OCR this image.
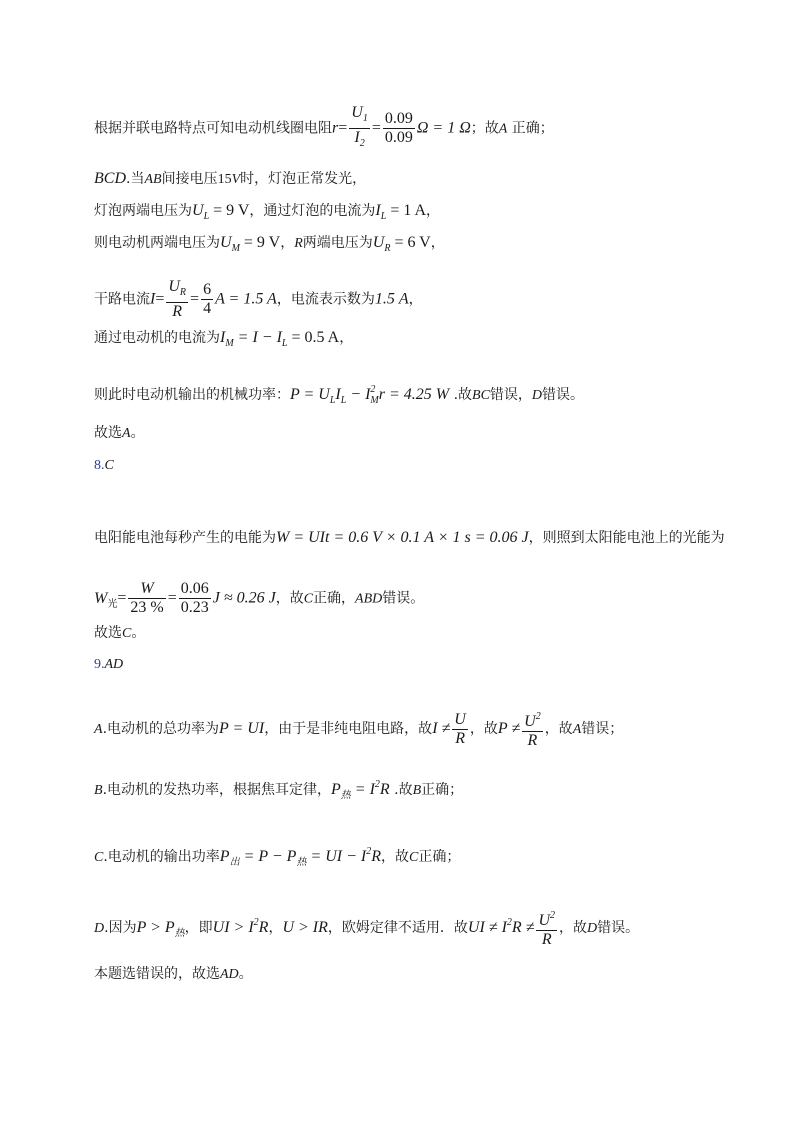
根据并联电路特点可知电动机线圈电阻$r= \frac{U_1}{I_2} = \frac{0.09}{0.09}$ Ω = 1 Ω；故A 正确；
BCD.当AB间接电压15V时，灯泡正常发光，
灯泡两端电压为$U_L = 9$ V，通过灯泡的电流为$I_L = 1$ A，
则电动机两端电压为$U_M = 9$ V，R两端电压为$U_R = 6$ V，
干路电流$I= \frac{U_R}{R} = \frac{6}{4}$ A = 1.5 A，电流表示数为1.5 A，
通过电动机的电流为$I_M = I - I_L = 0.5$ A，
则此时电动机输出的机械功率：$P = U_LI_L - I^2_Mr = 4.25$ W .故BC错误，D错误。
故选A。
8.C
电阳能电池每秒产生的电能为W = UIt = 0.6 V × 0.1 A × 1 s = 0.06 J，则照到太阳能电池上的光能为
$W_光= \frac{W}{23 \%} = \frac{0.06}{0.23}$ J ≈ 0.26 J，故C正确，ABD错误。
故选C。
9.AD
A.电动机的总功率为P = UI，由于是非纯电阻电路，故$I \ne \frac{U}{R}$ ，故$P \ne \frac{U^2}{R}$ ，故A错误；
B.电动机的发热功率，根据焦耳定律，$P_热 = I^2R$ .故B正确；
C.电动机的输出功率$P_出 = P - P_热$ = UI − $I^2R$，故C正确；
D.因为$P > P_热$，即UI > $I^2R$，U > IR，欧姆定律不适用．故UI ≠ $I^2R \ne \frac{U^2}{R}$ ，故D错误。
本题选错误的，故选AD。
